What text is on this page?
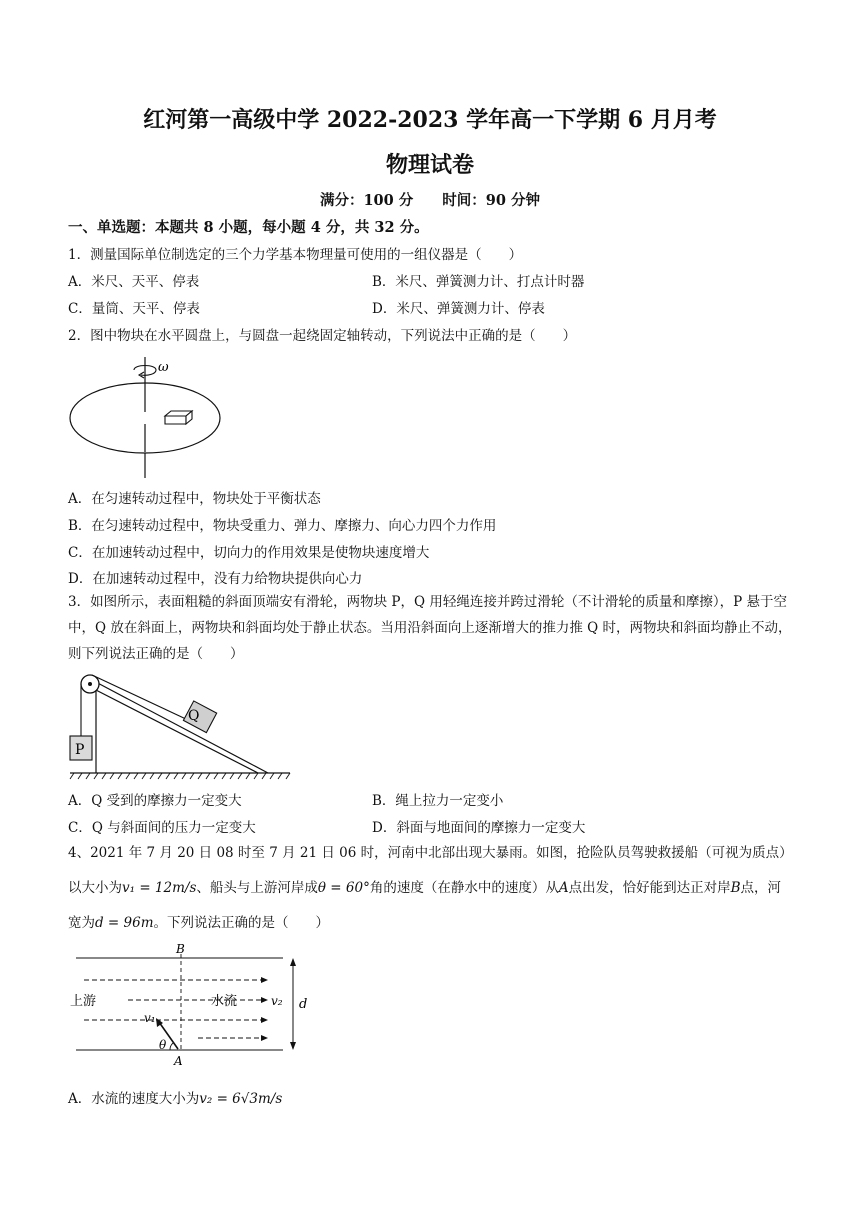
红河第一高级中学 2022-2023 学年高一下学期 6 月月考
物理试卷
满分：100 分　　时间：90 分钟
一、单选题：本题共 8 小题，每小题 4 分，共 32 分。
1．测量国际单位制选定的三个力学基本物理量可使用的一组仪器是（　　）
A．米尺、天平、停表	B．米尺、弹簧测力计、打点计时器
C．量筒、天平、停表	D．米尺、弹簧测力计、停表
2．图中物块在水平圆盘上，与圆盘一起绕固定轴转动，下列说法中正确的是（　　）
ω
A．在匀速转动过程中，物块处于平衡状态
B．在匀速转动过程中，物块受重力、弹力、摩擦力、向心力四个力作用
C．在加速转动过程中，切向力的作用效果是使物块速度增大
D．在加速转动过程中，没有力给物块提供向心力
3．如图所示，表面粗糙的斜面顶端安有滑轮，两物块 P，Q 用轻绳连接并跨过滑轮（不计滑轮的质量和摩擦），P 悬于空中，Q 放在斜面上，两物块和斜面均处于静止状态。当用沿斜面向上逐渐增大的推力推 Q 时，两物块和斜面均静止不动，则下列说法正确的是（　　）
P
Q
A．Q 受到的摩擦力一定变大	B．绳上拉力一定变小
C．Q 与斜面间的压力一定变大	D．斜面与地面间的摩擦力一定变大
4、2021 年 7 月 20 日 08 时至 7 月 21 日 06 时，河南中北部出现大暴雨。如图，抢险队员驾驶救援船（可视为质点）以大小为v₁ = 12m/s、船头与上游河岸成θ = 60°角的速度（在静水中的速度）从A点出发，恰好能到达正对岸B点，河宽为d = 96m。下列说法正确的是（　　）
B
A
上游	水流	v₂
v₁
θ
d
A．水流的速度大小为v₂ = 6√3m/s
